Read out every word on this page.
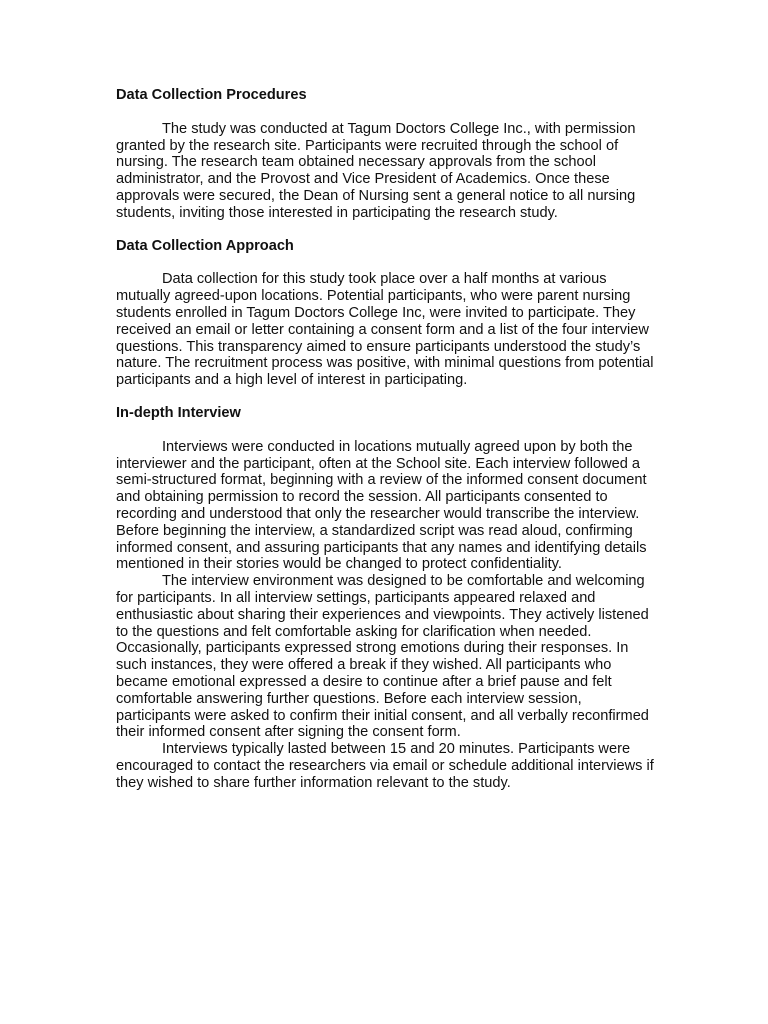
Data Collection Procedures

The study was conducted at Tagum Doctors College Inc., with permission granted by the research site. Participants were recruited through the school of nursing. The research team obtained necessary approvals from the school administrator, and the Provost and Vice President of Academics. Once these approvals were secured, the Dean of Nursing sent a general notice to all nursing students, inviting those interested in participating the research study.

Data Collection Approach

Data collection for this study took place over a half months at various mutually agreed-upon locations. Potential participants, who were parent nursing students enrolled in Tagum Doctors College Inc, were invited to participate. They received an email or letter containing a consent form and a list of the four interview questions. This transparency aimed to ensure participants understood the study’s nature. The recruitment process was positive, with minimal questions from potential participants and a high level of interest in participating.

In-depth Interview

Interviews were conducted in locations mutually agreed upon by both the interviewer and the participant, often at the School site. Each interview followed a semi-structured format, beginning with a review of the informed consent document and obtaining permission to record the session. All participants consented to recording and understood that only the researcher would transcribe the interview. Before beginning the interview, a standardized script was read aloud, confirming informed consent, and assuring participants that any names and identifying details mentioned in their stories would be changed to protect confidentiality.

The interview environment was designed to be comfortable and welcoming for participants. In all interview settings, participants appeared relaxed and enthusiastic about sharing their experiences and viewpoints. They actively listened to the questions and felt comfortable asking for clarification when needed. Occasionally, participants expressed strong emotions during their responses. In such instances, they were offered a break if they wished. All participants who became emotional expressed a desire to continue after a brief pause and felt comfortable answering further questions. Before each interview session, participants were asked to confirm their initial consent, and all verbally reconfirmed their informed consent after signing the consent form.

Interviews typically lasted between 15 and 20 minutes. Participants were encouraged to contact the researchers via email or schedule additional interviews if they wished to share further information relevant to the study.
